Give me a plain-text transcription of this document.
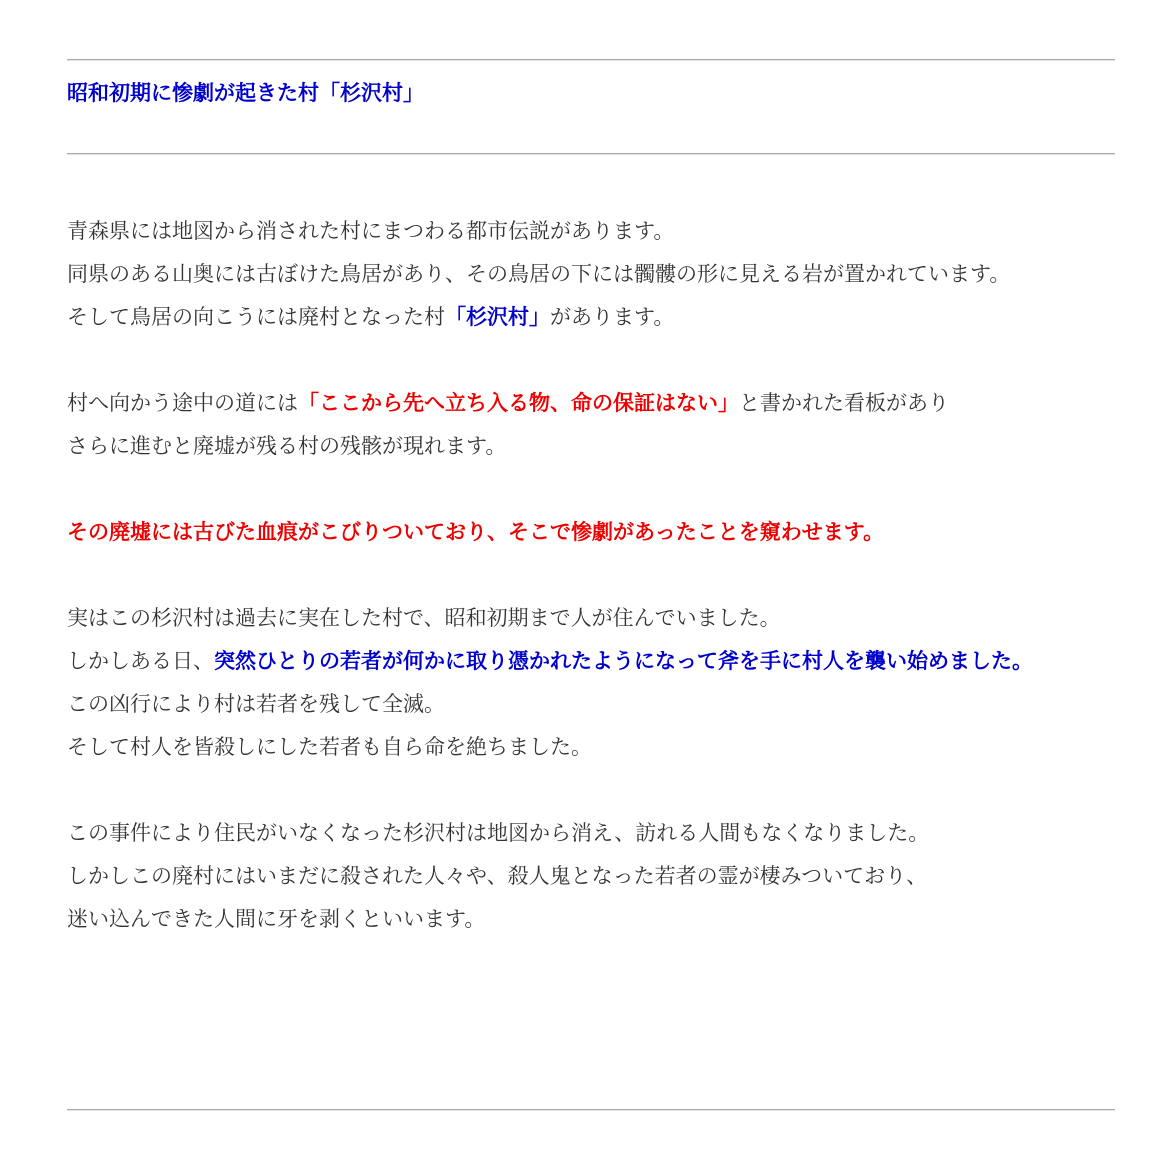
昭和初期に惨劇が起きた村「杉沢村」

青森県には地図から消された村にまつわる都市伝説があります。
同県のある山奥には古ぼけた鳥居があり、その鳥居の下には髑髏の形に見える岩が置かれています。
そして鳥居の向こうには廃村となった村「杉沢村」があります。

村へ向かう途中の道には「ここから先へ立ち入る物、命の保証はない」と書かれた看板があり
さらに進むと廃墟が残る村の残骸が現れます。

その廃墟には古びた血痕がこびりついており、そこで惨劇があったことを窺わせます。

実はこの杉沢村は過去に実在した村で、昭和初期まで人が住んでいました。
しかしある日、突然ひとりの若者が何かに取り憑かれたようになって斧を手に村人を襲い始めました。
この凶行により村は若者を残して全滅。
そして村人を皆殺しにした若者も自ら命を絶ちました。

この事件により住民がいなくなった杉沢村は地図から消え、訪れる人間もなくなりました。
しかしこの廃村にはいまだに殺された人々や、殺人鬼となった若者の霊が棲みついており、
迷い込んできた人間に牙を剥くといいます。
